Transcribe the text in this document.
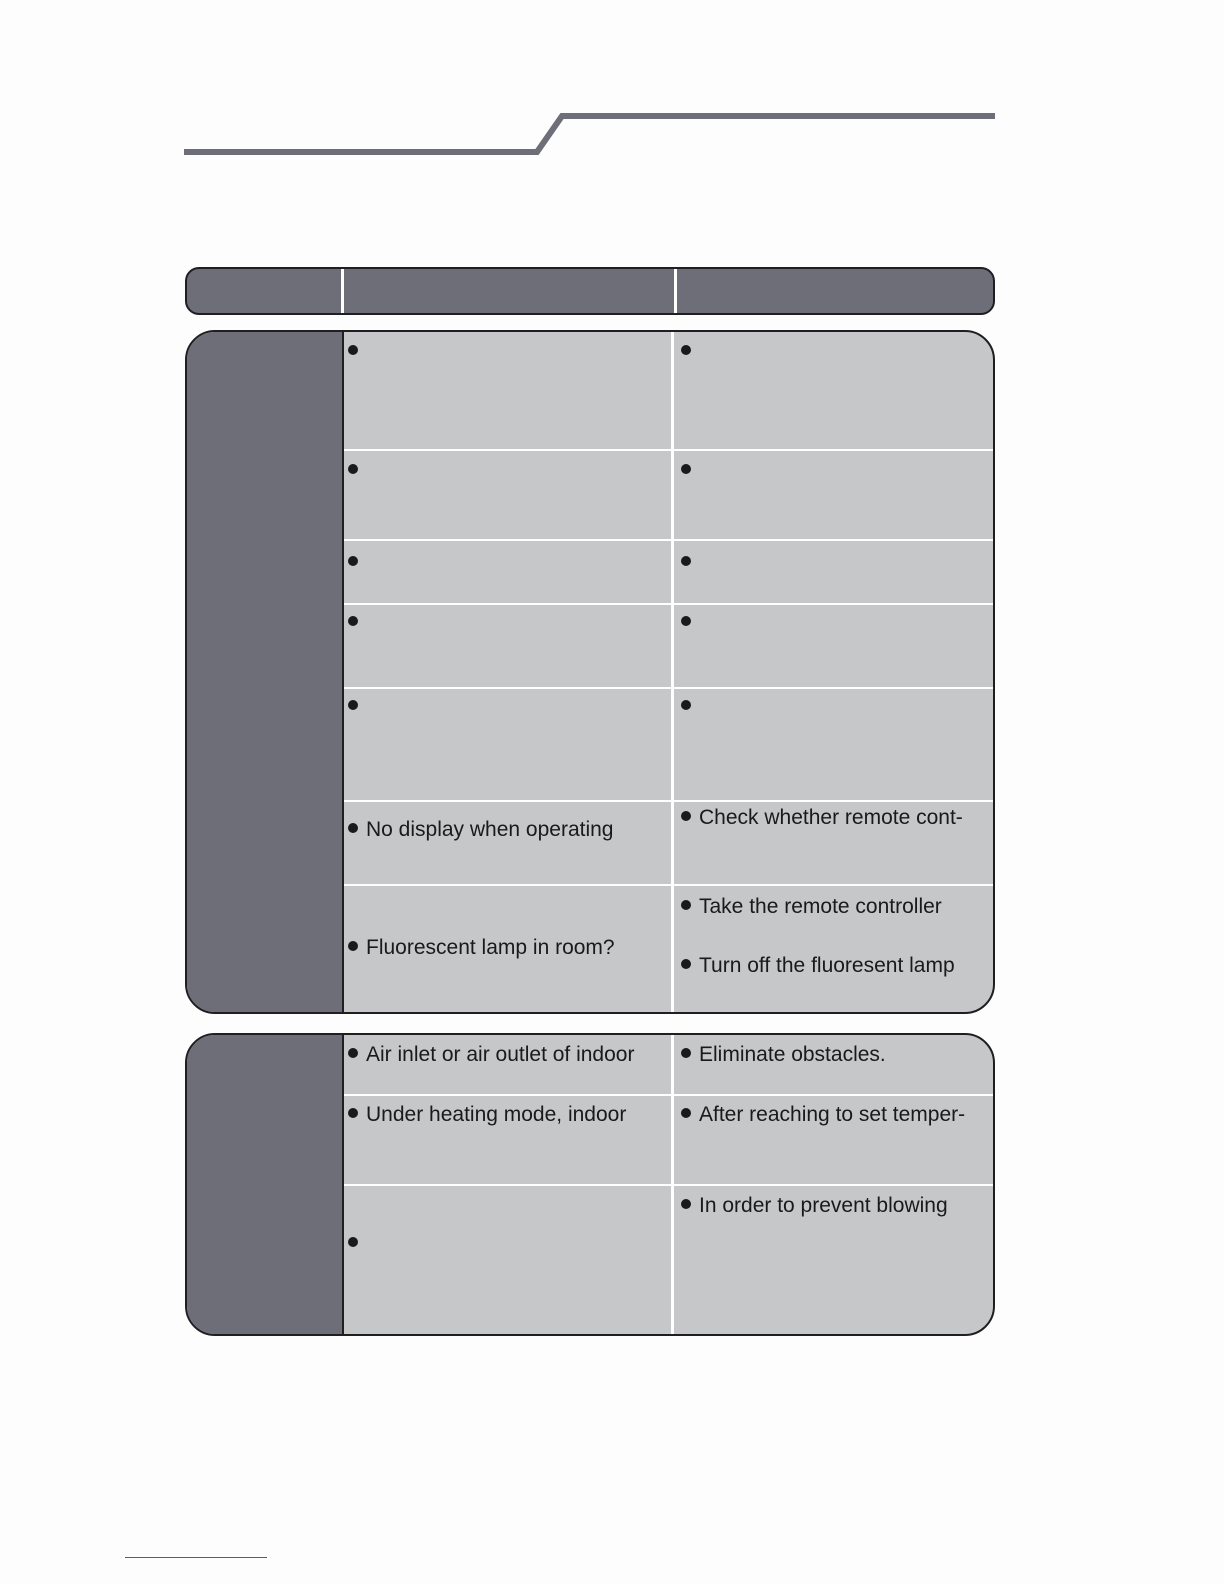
No display when operating
Check whether remote cont-
Fluorescent lamp in room?
Take the remote controller
Turn off the fluoresent lamp
Air inlet or air outlet of indoor	Eliminate obstacles.
Under heating mode, indoor	After reaching to set temper-
In order to prevent blowing
